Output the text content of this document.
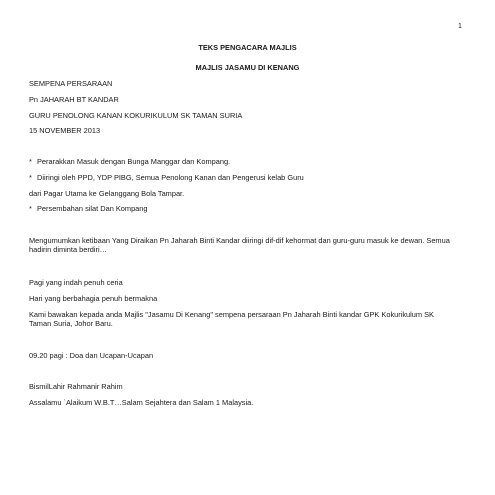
1
TEKS PENGACARA MAJLIS
MAJLIS JASAMU DI KENANG
SEMPENA PERSARAAN
Pn JAHARAH BT KANDAR
GURU PENOLONG KANAN KOKURIKULUM SK TAMAN SURIA
15 NOVEMBER 2013
* Perarakkan Masuk dengan Bunga Manggar dan Kompang.
* Diiringi oleh PPD, YDP PIBG, Semua Penolong Kanan dan Pengerusi kelab Guru
dari Pagar Utama ke Gelanggang Bola Tampar.
* Persembahan silat Dan Kompang
Mengumumkan ketibaan Yang Diraikan Pn Jaharah Binti Kandar diiringi dif-dif kehormat dan guru-guru masuk ke dewan. Semua hadirin diminta berdiri…
Pagi yang indah penuh ceria
Hari yang berbahagia penuh bermakna
Kami bawakan kepada anda Majlis "Jasamu Di Kenang" sempena persaraan Pn Jaharah Binti kandar GPK Kokurikulum SK Taman Suria, Johor Baru.
09.20 pagi : Doa dan Ucapan-Ucapan
BismilLahir Rahmanir Rahim
Assalamu `Alaikum W.B.T…Salam Sejahtera dan Salam 1 Malaysia.
